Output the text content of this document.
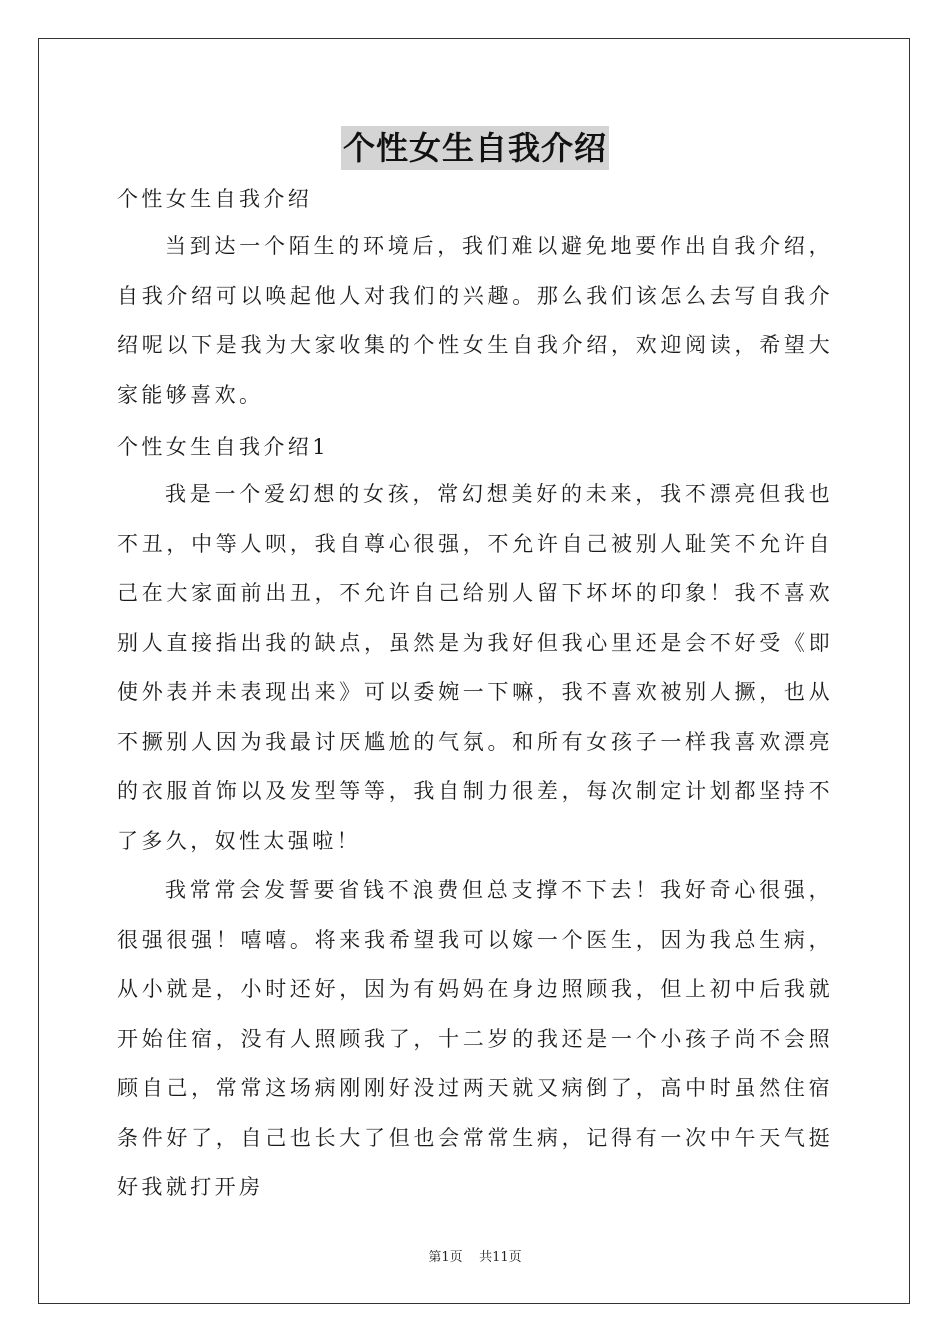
个性女生自我介绍

个性女生自我介绍

当到达一个陌生的环境后，我们难以避免地要作出自我介绍，自我介绍可以唤起他人对我们的兴趣。那么我们该怎么去写自我介绍呢以下是我为大家收集的个性女生自我介绍，欢迎阅读，希望大家能够喜欢。

个性女生自我介绍1

我是一个爱幻想的女孩，常幻想美好的未来，我不漂亮但我也不丑，中等人呗，我自尊心很强，不允许自己被别人耻笑不允许自己在大家面前出丑，不允许自己给别人留下坏坏的印象！我不喜欢别人直接指出我的缺点，虽然是为我好但我心里还是会不好受《即使外表并未表现出来》可以委婉一下嘛，我不喜欢被别人撅，也从不撅别人因为我最讨厌尴尬的气氛。和所有女孩子一样我喜欢漂亮的衣服首饰以及发型等等，我自制力很差，每次制定计划都坚持不了多久，奴性太强啦！

我常常会发誓要省钱不浪费但总支撑不下去！我好奇心很强，很强很强！嘻嘻。将来我希望我可以嫁一个医生，因为我总生病，从小就是，小时还好，因为有妈妈在身边照顾我，但上初中后我就开始住宿，没有人照顾我了，十二岁的我还是一个小孩子尚不会照顾自己，常常这场病刚刚好没过两天就又病倒了，高中时虽然住宿条件好了，自己也长大了但也会常常生病，记得有一次中午天气挺好我就打开房

第1页    共11页
